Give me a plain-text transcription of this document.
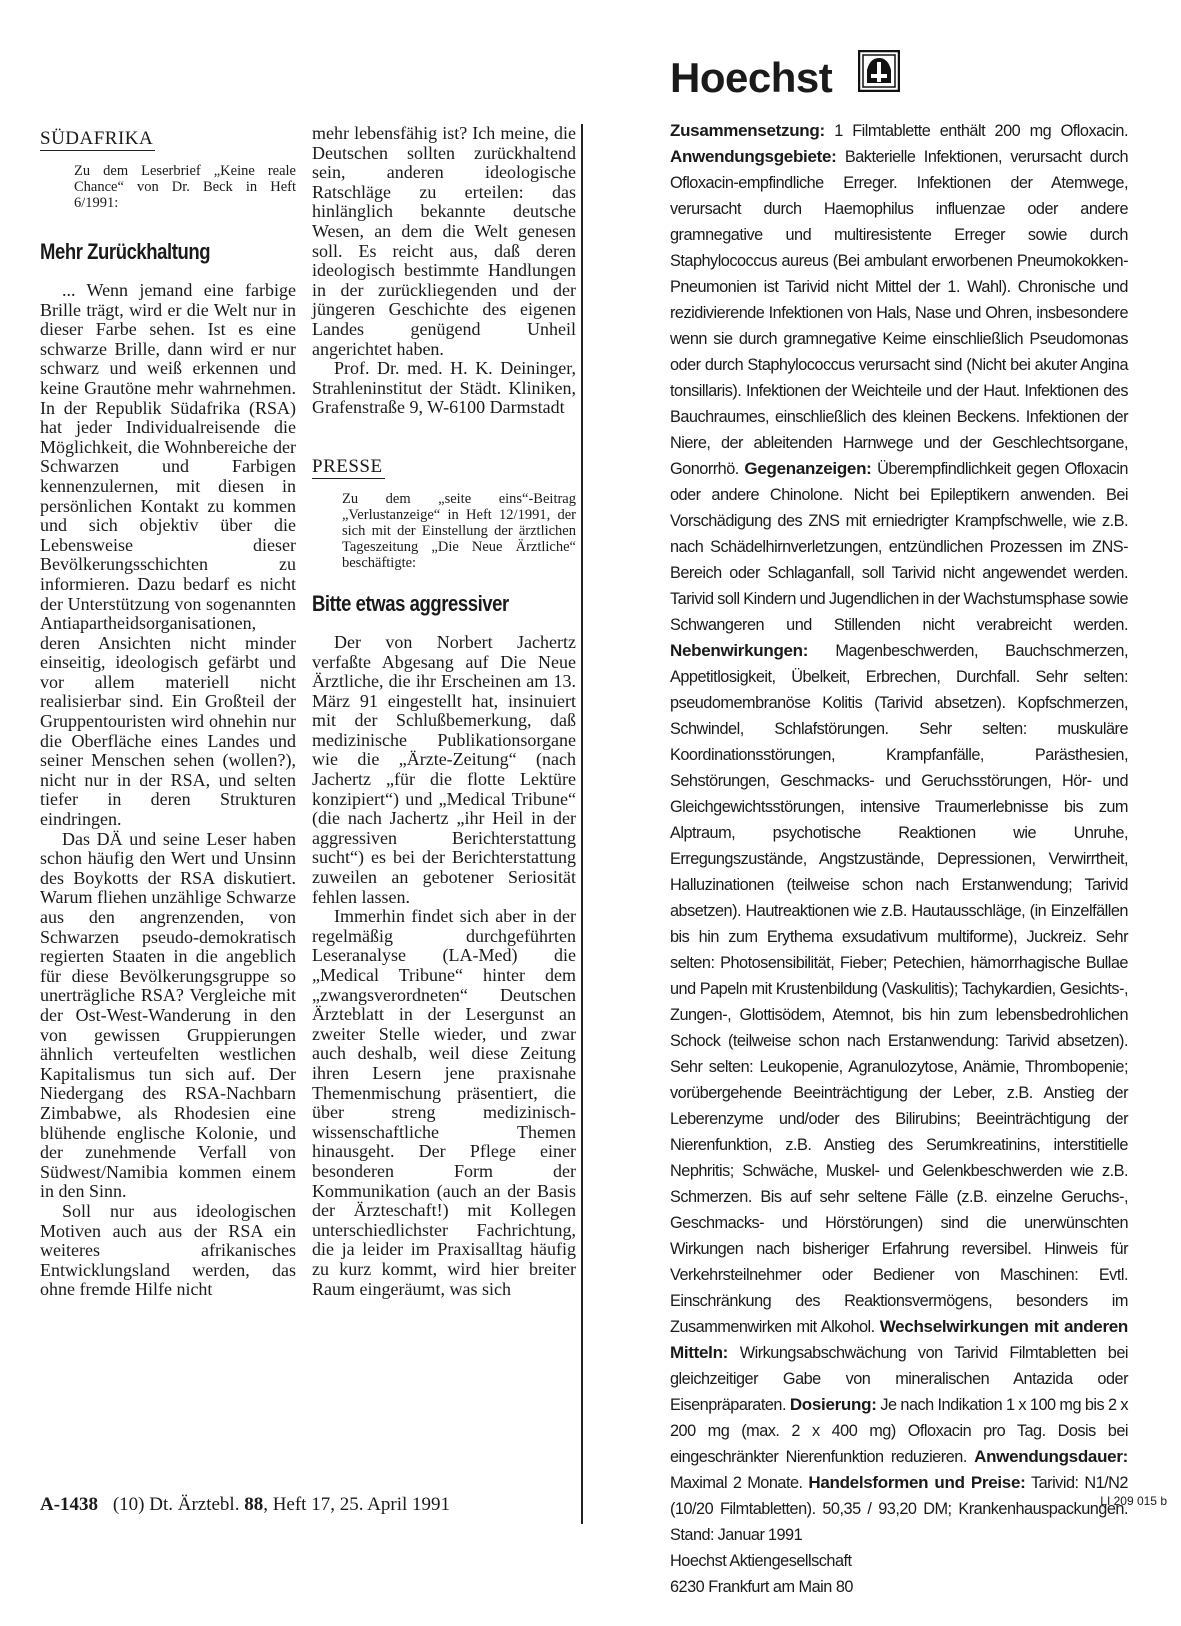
SÜDAFRIKA
Zu dem Leserbrief „Keine reale Chance“ von Dr. Beck in Heft 6/1991:
Mehr Zurückhaltung

... Wenn jemand eine farbige Brille trägt, wird er die Welt nur in dieser Farbe sehen. Ist es eine schwarze Brille, dann wird er nur schwarz und weiß erkennen und keine Grautöne mehr wahrnehmen. In der Republik Südafrika (RSA) hat jeder Individualreisende die Möglichkeit, die Wohnbereiche der Schwarzen und Farbigen kennenzulernen, mit diesen in persönlichen Kontakt zu kommen und sich objektiv über die Lebensweise dieser Bevölkerungsschichten zu informieren. Dazu bedarf es nicht der Unterstützung von sogenannten Antiapartheidsorganisationen, deren Ansichten nicht minder einseitig, ideologisch gefärbt und vor allem materiell nicht realisierbar sind. Ein Großteil der Gruppentouristen wird ohnehin nur die Oberfläche eines Landes und seiner Menschen sehen (wollen?), nicht nur in der RSA, und selten tiefer in deren Strukturen eindringen.

Das DÄ und seine Leser haben schon häufig den Wert und Unsinn des Boykotts der RSA diskutiert. Warum fliehen unzählige Schwarze aus den angrenzenden, von Schwarzen pseudo-demokratisch regierten Staaten in die angeblich für diese Bevölkerungsgruppe so unerträgliche RSA? Vergleiche mit der Ost-West-Wanderung in den von gewissen Gruppierungen ähnlich verteufelten westlichen Kapitalismus tun sich auf. Der Niedergang des RSA-Nachbarn Zimbabwe, als Rhodesien eine blühende englische Kolonie, und der zunehmende Verfall von Südwest/Namibia kommen einem in den Sinn.

Soll nur aus ideologischen Motiven auch aus der RSA ein weiteres afrikanisches Entwicklungsland werden, das ohne fremde Hilfe nicht

mehr lebensfähig ist? Ich meine, die Deutschen sollten zurückhaltend sein, anderen ideologische Ratschläge zu erteilen: das hinlänglich bekannte deutsche Wesen, an dem die Welt genesen soll. Es reicht aus, daß deren ideologisch bestimmte Handlungen in der zurückliegenden und der jüngeren Geschichte des eigenen Landes genügend Unheil angerichtet haben.

Prof. Dr. med. H. K. Deininger, Strahleninstitut der Städt. Kliniken, Grafenstraße 9, W-6100 Darmstadt
PRESSE
Zu dem „seite eins“-Beitrag „Verlustanzeige“ in Heft 12/1991, der sich mit der Einstellung der ärztlichen Tageszeitung „Die Neue Ärztliche“ beschäftigte:
Bitte etwas aggressiver

Der von Norbert Jachertz verfaßte Abgesang auf Die Neue Ärztliche, die ihr Erscheinen am 13. März 91 eingestellt hat, insinuiert mit der Schlußbemerkung, daß medizinische Publikationsorgane wie die „Ärzte-Zeitung“ (nach Jachertz „für die flotte Lektüre konzipiert“) und „Medical Tribune“ (die nach Jachertz „ihr Heil in der aggressiven Berichterstattung sucht“) es bei der Berichterstattung zuweilen an gebotener Seriosität fehlen lassen.

Immerhin findet sich aber in der regelmäßig durchgeführten Leseranalyse (LA-Med) die „Medical Tribune“ hinter dem „zwangsverordneten“ Deutschen Ärzteblatt in der Lesergunst an zweiter Stelle wieder, und zwar auch deshalb, weil diese Zeitung ihren Lesern jene praxisnahe Themenmischung präsentiert, die über streng medizinisch-wissenschaftliche Themen hinausgeht. Der Pflege einer besonderen Form der Kommunikation (auch an der Basis der Ärzteschaft!) mit Kollegen unterschiedlichster Fachrichtung, die ja leider im Praxisalltag häufig zu kurz kommt, wird hier breiter Raum eingeräumt, was sich

Hoechst
Zusammensetzung: 1 Filmtablette enthält 200 mg Ofloxacin. Anwendungsgebiete: Bakterielle Infektionen, verursacht durch Ofloxacin-empfindliche Erreger. Infektionen der Atemwege, verursacht durch Haemophilus influenzae oder andere gramnegative und multiresistente Erreger sowie durch Staphylococcus aureus (Bei ambulant erworbenen Pneumokokken-Pneumonien ist Tarivid nicht Mittel der 1. Wahl). Chronische und rezidivierende Infektionen von Hals, Nase und Ohren, insbesondere wenn sie durch gramnegative Keime einschließlich Pseudomonas oder durch Staphylococcus verursacht sind (Nicht bei akuter Angina tonsillaris). Infektionen der Weichteile und der Haut. Infektionen des Bauchraumes, einschließlich des kleinen Beckens. Infektionen der Niere, der ableitenden Harnwege und der Geschlechtsorgane, Gonorrhö. Gegenanzeigen: Überempfindlichkeit gegen Ofloxacin oder andere Chinolone. Nicht bei Epileptikern anwenden. Bei Vorschädigung des ZNS mit erniedrigter Krampfschwelle, wie z.B. nach Schädelhirnverletzungen, entzündlichen Prozessen im ZNS-Bereich oder Schlaganfall, soll Tarivid nicht angewendet werden. Tarivid soll Kindern und Jugendlichen in der Wachstumsphase sowie Schwangeren und Stillenden nicht verabreicht werden. Nebenwirkungen: Magenbeschwerden, Bauchschmerzen, Appetitlosigkeit, Übelkeit, Erbrechen, Durchfall. Sehr selten: pseudomembranöse Kolitis (Tarivid absetzen). Kopfschmerzen, Schwindel, Schlafstörungen. Sehr selten: muskuläre Koordinationsstörungen, Krampfanfälle, Parästhesien, Sehstörungen, Geschmacks- und Geruchsstörungen, Hör- und Gleichgewichtsstörungen, intensive Traumerlebnisse bis zum Alptraum, psychotische Reaktionen wie Unruhe, Erregungszustände, Angstzustände, Depressionen, Verwirrtheit, Halluzinationen (teilweise schon nach Erstanwendung; Tarivid absetzen). Hautreaktionen wie z.B. Hautausschläge, (in Einzelfällen bis hin zum Erythema exsudativum multiforme), Juckreiz. Sehr selten: Photosensibilität, Fieber; Petechien, hämorrhagische Bullae und Papeln mit Krustenbildung (Vaskulitis); Tachykardien, Gesichts-, Zungen-, Glottisödem, Atemnot, bis hin zum lebensbedrohlichen Schock (teilweise schon nach Erstanwendung: Tarivid absetzen). Sehr selten: Leukopenie, Agranulozytose, Anämie, Thrombopenie; vorübergehende Beeinträchtigung der Leber, z.B. Anstieg der Leberenzyme und/oder des Bilirubins; Beeinträchtigung der Nierenfunktion, z.B. Anstieg des Serumkreatinins, interstitielle Nephritis; Schwäche, Muskel- und Gelenkbeschwerden wie z.B. Schmerzen. Bis auf sehr seltene Fälle (z.B. einzelne Geruchs-, Geschmacks- und Hörstörungen) sind die unerwünschten Wirkungen nach bisheriger Erfahrung reversibel. Hinweis für Verkehrsteilnehmer oder Bediener von Maschinen: Evtl. Einschränkung des Reaktionsvermögens, besonders im Zusammenwirken mit Alkohol. Wechselwirkungen mit anderen Mitteln: Wirkungsabschwächung von Tarivid Filmtabletten bei gleichzeitiger Gabe von mineralischen Antazida oder Eisenpräparaten. Dosierung: Je nach Indikation 1 x 100 mg bis 2 x 200 mg (max. 2 x 400 mg) Ofloxacin pro Tag. Dosis bei eingeschränkter Nierenfunktion reduzieren. Anwendungsdauer: Maximal 2 Monate. Handelsformen und Preise: Tarivid: N1/N2 (10/20 Filmtabletten). 50,35 / 93,20 DM; Krankenhauspackungen. Stand: Januar 1991
Hoechst Aktiengesellschaft
6230 Frankfurt am Main 80
LI 209 015 b
A-1438 (10) Dt. Ärztebl. 88, Heft 17, 25. April 1991
